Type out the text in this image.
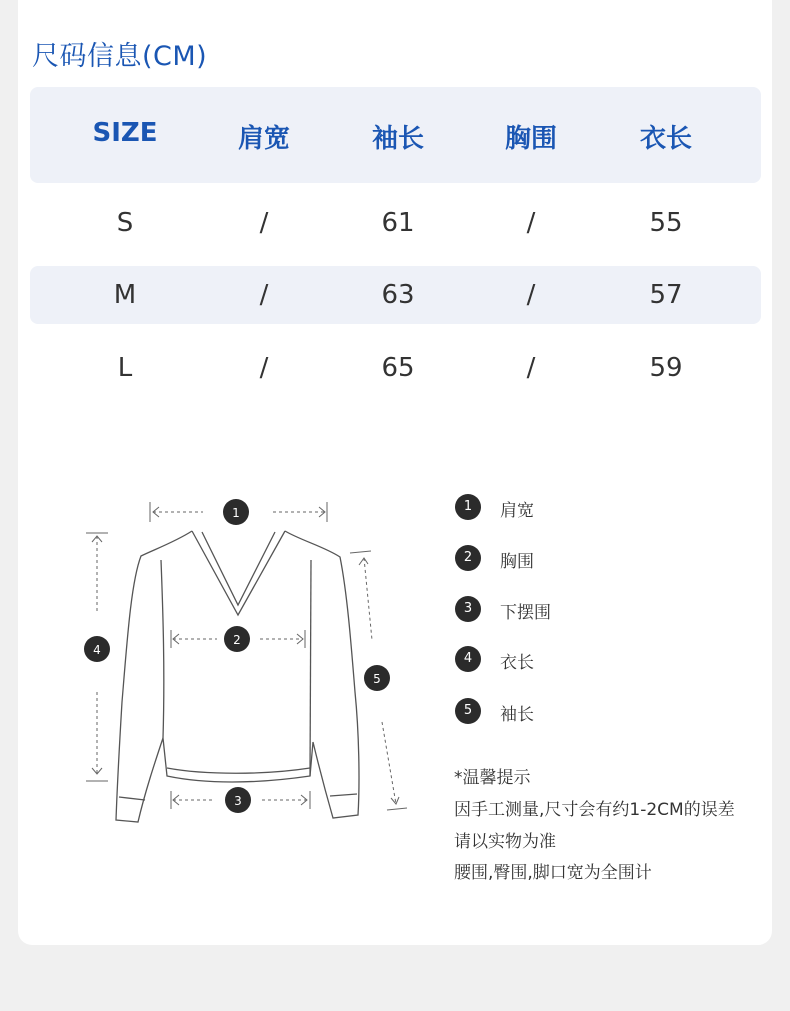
尺码信息(CM)
SIZE	肩宽	袖长	胸围	衣长
S	/	61	/	55
M	/	63	/	57
L	/	65	/	59
1
2
3
4
5
1	肩宽
2	胸围
3	下摆围
4	衣长
5	袖长
*温馨提示
因手工测量,尺寸会有约1-2CM的误差
请以实物为准
腰围,臀围,脚口宽为全围计
